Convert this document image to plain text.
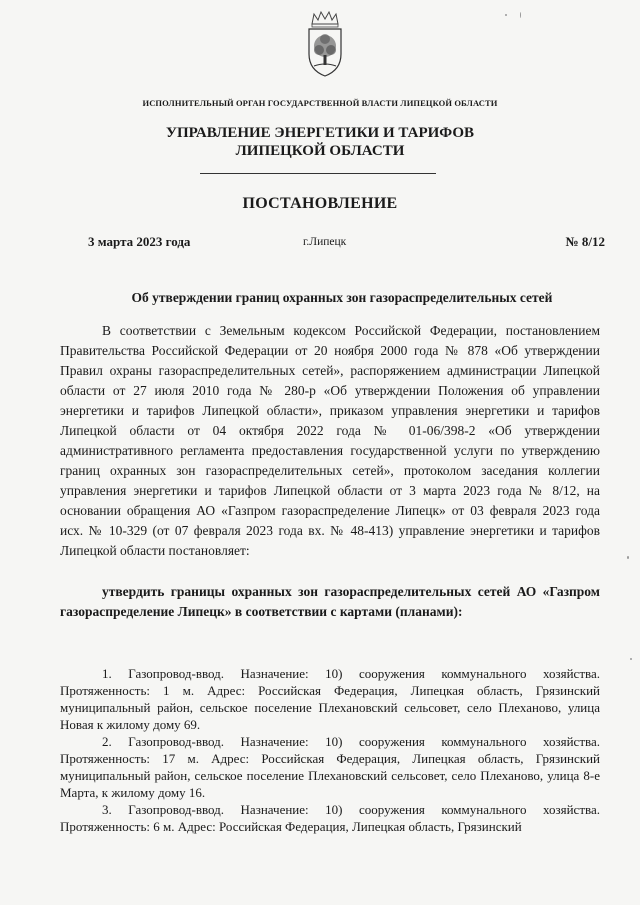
ИСПОЛНИТЕЛЬНЫЙ ОРГАН ГОСУДАРСТВЕННОЙ ВЛАСТИ ЛИПЕЦКОЙ ОБЛАСТИ
УПРАВЛЕНИЕ ЭНЕРГЕТИКИ И ТАРИФОВ
ЛИПЕЦКОЙ ОБЛАСТИ
ПОСТАНОВЛЕНИЕ
3 марта 2023 года	г.Липецк	№ 8/12
Об утверждении границ охранных зон газораспределительных сетей
В соответствии с Земельным кодексом Российской Федерации, постановлением Правительства Российской Федерации от 20 ноября 2000 года № 878 «Об утверждении Правил охраны газораспределительных сетей», распоряжением администрации Липецкой области от 27 июля 2010 года № 280-р «Об утверждении Положения об управлении энергетики и тарифов Липецкой области», приказом управления энергетики и тарифов Липецкой области от 04 октября 2022 года № 01-06/398-2 «Об утверждении административного регламента предоставления государственной услуги по утверждению границ охранных зон газораспределительных сетей», протоколом заседания коллегии управления энергетики и тарифов Липецкой области от 3 марта 2023 года № 8/12, на основании обращения АО «Газпром газораспределение Липецк» от 03 февраля 2023 года исх. № 10-329 (от 07 февраля 2023 года вх. № 48-413) управление энергетики и тарифов Липецкой области постановляет:
утвердить границы охранных зон газораспределительных сетей АО «Газпром газораспределение Липецк» в соответствии с картами (планами):

1. Газопровод-ввод. Назначение: 10) сооружения коммунального хозяйства. Протяженность: 1 м. Адрес: Российская Федерация, Липецкая область, Грязинский муниципальный район, сельское поселение Плехановский сельсовет, село Плеханово, улица Новая к жилому дому 69.

2. Газопровод-ввод. Назначение: 10) сооружения коммунального хозяйства. Протяженность: 17 м. Адрес: Российская Федерация, Липецкая область, Грязинский муниципальный район, сельское поселение Плехановский сельсовет, село Плеханово, улица 8-е Марта, к жилому дому 16.

3. Газопровод-ввод. Назначение: 10) сооружения коммунального хозяйства. Протяженность: 6 м. Адрес: Российская Федерация, Липецкая область, Грязинский
